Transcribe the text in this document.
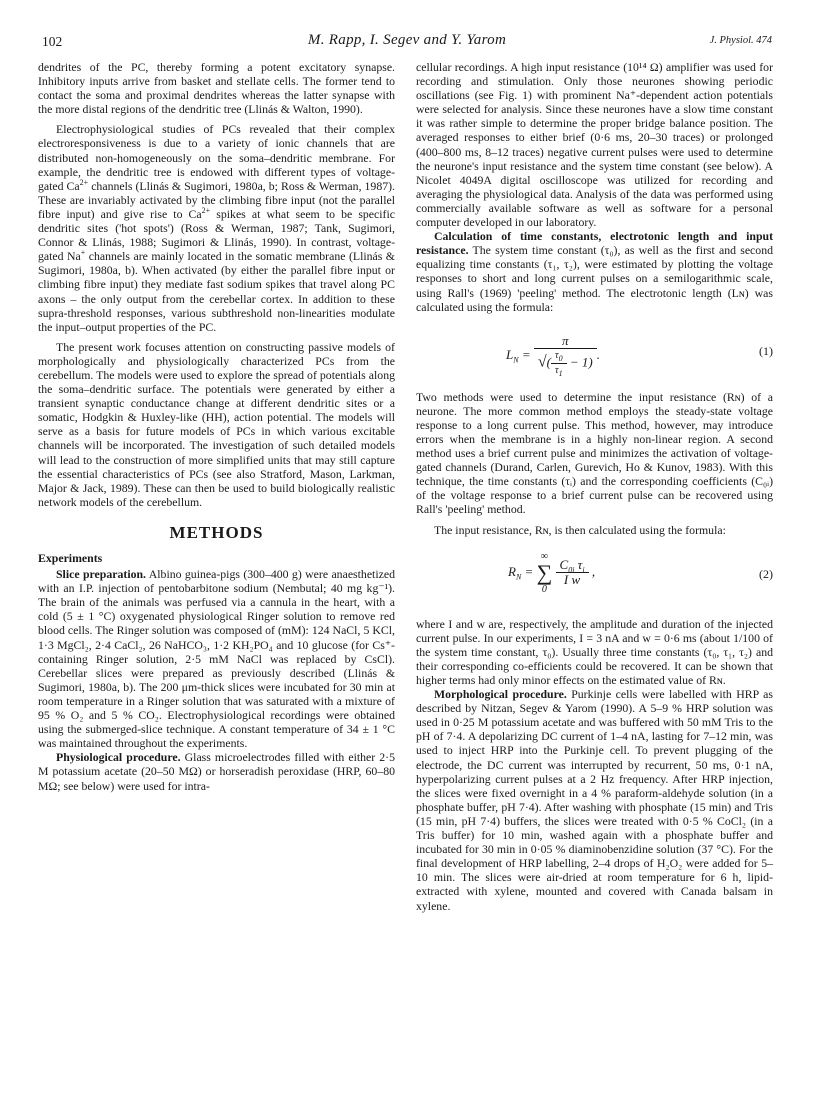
102	M. Rapp, I. Segev and Y. Yarom	J. Physiol. 474

dendrites of the PC, thereby forming a potent excitatory synapse. Inhibitory inputs arrive from basket and stellate cells. The former tend to contact the soma and proximal dendrites whereas the latter synapse with the more distal regions of the dendritic tree (Llinás & Walton, 1990).

Electrophysiological studies of PCs revealed that their complex electroresponsiveness is due to a variety of ionic channels that are distributed non-homogeneously on the soma–dendritic membrane. For example, the dendritic tree is endowed with different types of voltage-gated $Ca^{2+}$ channels (Llinás & Sugimori, 1980a, b; Ross & Werman, 1987). These are invariably activated by the climbing fibre input (not the parallel fibre input) and give rise to $Ca^{2+}$ spikes at what seem to be specific dendritic sites ('hot spots') (Ross & Werman, 1987; Tank, Sugimori, Connor & Llinás, 1988; Sugimori & Llinás, 1990). In contrast, voltage-gated Na+ channels are mainly located in the somatic membrane (Llinás & Sugimori, 1980a, b). When activated (by either the parallel fibre input or climbing fibre input) they mediate fast sodium spikes that travel along PC axons – the only output from the cerebellar cortex. In addition to these supra-threshold responses, various subthreshold non-linearities modulate the input–output properties of the PC.

The present work focuses attention on constructing passive models of morphologically and physiologically characterized PCs from the cerebellum. The models were used to explore the spread of potentials along the soma–dendritic surface. The potentials were generated by either a transient synaptic conductance change at different dendritic sites or a somatic, Hodgkin & Huxley-like (HH), action potential. The models will serve as a basis for future models of PCs in which various excitable channels will be incorporated. The investigation of such detailed models will lead to the construction of more simplified units that may still capture the essential characteristics of PCs (see also Stratford, Mason, Larkman, Major & Jack, 1989). These can then be used to build biologically realistic network models of the cerebellum.

METHODS

Experiments

Slice preparation. Albino guinea-pigs (300–400 g) were anaesthetized with an I.P. injection of pentobarbitone sodium (Nembutal; 40 mg kg⁻¹). The brain of the animals was perfused via a cannula in the heart, with a cold (5 ± 1 °C) oxygenated physiological Ringer solution to remove red blood cells. The Ringer solution was composed of (mM): 124 NaCl, 5 KCl, 1·3 MgCl₂, 2·4 CaCl₂, 26 NaHCO₃, 1·2 KH₂PO₄ and 10 glucose (for Cs⁺-containing Ringer solution, 2·5 mM NaCl was replaced by CsCl). Cerebellar slices were prepared as previously described (Llinás & Sugimori, 1980a, b). The 200 μm-thick slices were incubated for 30 min at room temperature in a Ringer solution that was saturated with a mixture of 95 % O₂ and 5 % CO₂. Electrophysiological recordings were obtained using the submerged-slice technique. A constant temperature of 34 ± 1 °C was maintained throughout the experiments.

Physiological procedure. Glass microelectrodes filled with either 2·5 M potassium acetate (20–50 MΩ) or horseradish peroxidase (HRP, 60–80 MΩ; see below) were used for intra-

cellular recordings. A high input resistance (10¹⁴ Ω) amplifier was used for recording and stimulation. Only those neurones showing periodic oscillations (see Fig. 1) with prominent Na⁺-dependent action potentials were selected for analysis. Since these neurones have a slow time constant it was rather simple to determine the proper bridge balance position. The averaged responses to either brief (0·6 ms, 20–30 traces) or prolonged (400–800 ms, 8–12 traces) negative current pulses were used to determine the neurone's input resistance and the system time constant (see below). A Nicolet 4049A digital oscilloscope was utilized for recording and averaging the physiological data. Analysis of the data was performed using commercially available software as well as software for a personal computer developed in our laboratory.

Calculation of time constants, electrotonic length and input resistance. The system time constant (τ₀), as well as the first and second equalizing time constants (τ₁, τ₂), were estimated by plotting the voltage responses to short and long current pulses on a semilogarithmic scale, using Rall's (1969) 'peeling' method. The electrotonic length (Lɴ) was calculated using the formula:

$L_N = \frac{\pi}{√( \frac{\tau_0}{\tau_1} - 1)}$ .	(1)

Two methods were used to determine the input resistance (Rɴ) of a neurone. The more common method employs the steady-state voltage response to a long current pulse. This method, however, may introduce errors when the membrane is in a highly non-linear region. A second method uses a brief current pulse and minimizes the activation of voltage-gated channels (Durand, Carlen, Gurevich, Ho & Kunov, 1983). With this technique, the time constants (τᵢ) and the corresponding coefficients (C₀ᵢ) of the voltage response to a brief current pulse can be recovered using Rall's 'peeling' method.

The input resistance, Rɴ, is then calculated using the formula:

$R_N$ = ∞
∑
0
$\frac{C_{0i} \tau_i}{\text{I w}}$ ,	(2)

where I and w are, respectively, the amplitude and duration of the injected current pulse. In our experiments, I = 3 nA and w = 0·6 ms (about 1/100 of the system time constant, τ₀). Usually three time constants (τ₀, τ₁, τ₂) and their corresponding co-efficients could be recovered. It can be shown that higher terms had only minor effects on the estimated value of Rɴ.

Morphological procedure. Purkinje cells were labelled with HRP as described by Nitzan, Segev & Yarom (1990). A 5–9 % HRP solution was used in 0·25 M potassium acetate and was buffered with 50 mM Tris to the pH of 7·4. A depolarizing DC current of 1–4 nA, lasting for 7–12 min, was used to inject HRP into the Purkinje cell. To prevent plugging of the electrode, the DC current was interrupted by recurrent, 50 ms, 0·1 nA, hyperpolarizing current pulses at a 2 Hz frequency. After HRP injection, the slices were fixed overnight in a 4 % paraform-aldehyde solution (in a phosphate buffer, pH 7·4). After washing with phosphate (15 min) and Tris (15 min, pH 7·4) buffers, the slices were treated with 0·5 % CoCl₂ (in a Tris buffer) for 10 min, washed again with a phosphate buffer and incubated for 30 min in 0·05 % diaminobenzidine solution (37 °C). For the final development of HRP labelling, 2–4 drops of H₂O₂ were added for 5–10 min. The slices were air-dried at room temperature for 6 h, lipid-extracted with xylene, mounted and covered with Canada balsam in xylene.
